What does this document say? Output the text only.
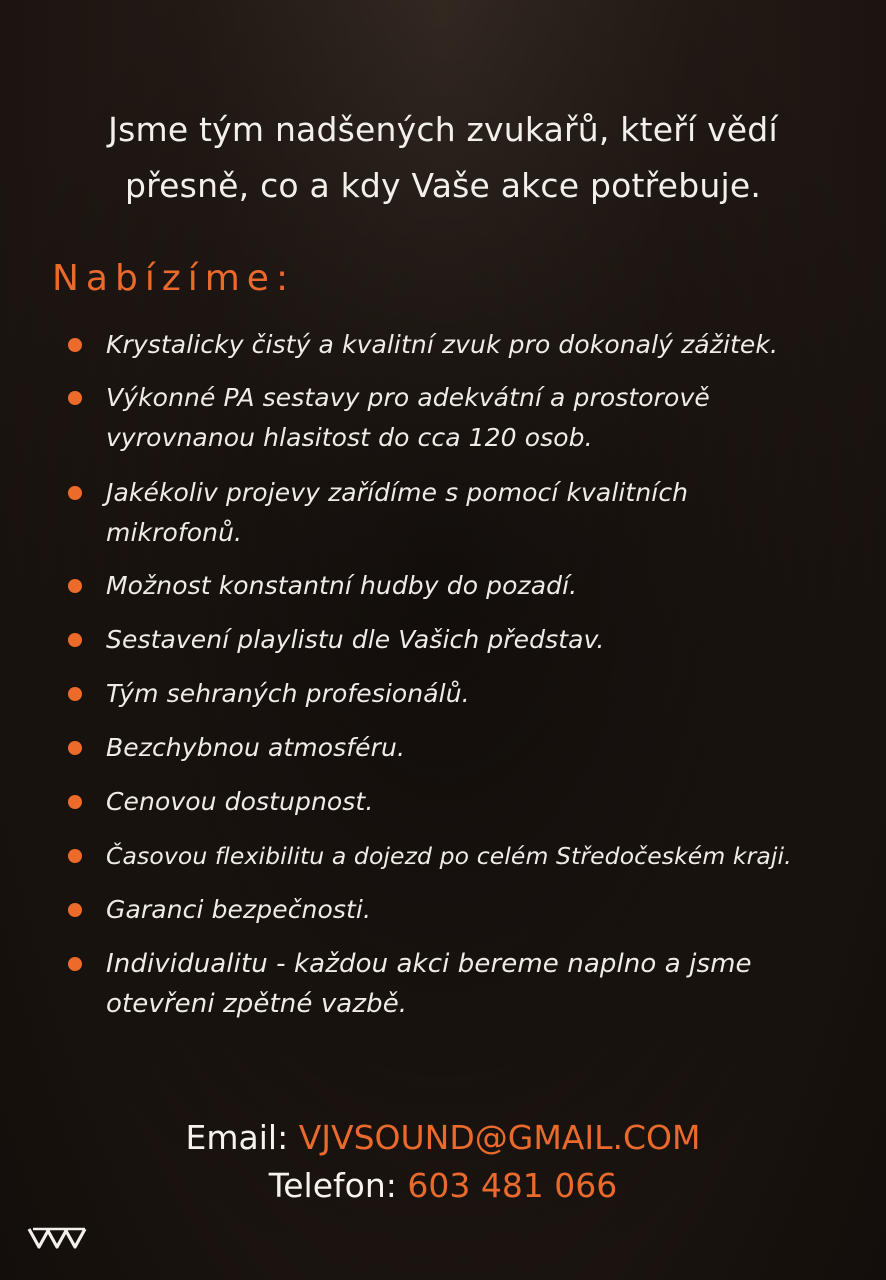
Jsme tým nadšených zvukařů, kteří vědí
přesně, co a kdy Vaše akce potřebuje.
Nabízíme:
Krystalicky čistý a kvalitní zvuk pro dokonalý zážitek.
Výkonné PA sestavy pro adekvátní a prostorově vyrovnanou hlasitost do cca 120 osob.
Jakékoliv projevy zařídíme s pomocí kvalitních mikrofonů.
Možnost konstantní hudby do pozadí.
Sestavení playlistu dle Vašich představ.
Tým sehraných profesionálů.
Bezchybnou atmosféru.
Cenovou dostupnost.
Časovou flexibilitu a dojezd po celém Středočeském kraji.
Garanci bezpečnosti.
Individualitu - každou akci bereme naplno a jsme otevřeni zpětné vazbě.
Email: VJVSOUND@GMAIL.COM
Telefon: 603 481 066
